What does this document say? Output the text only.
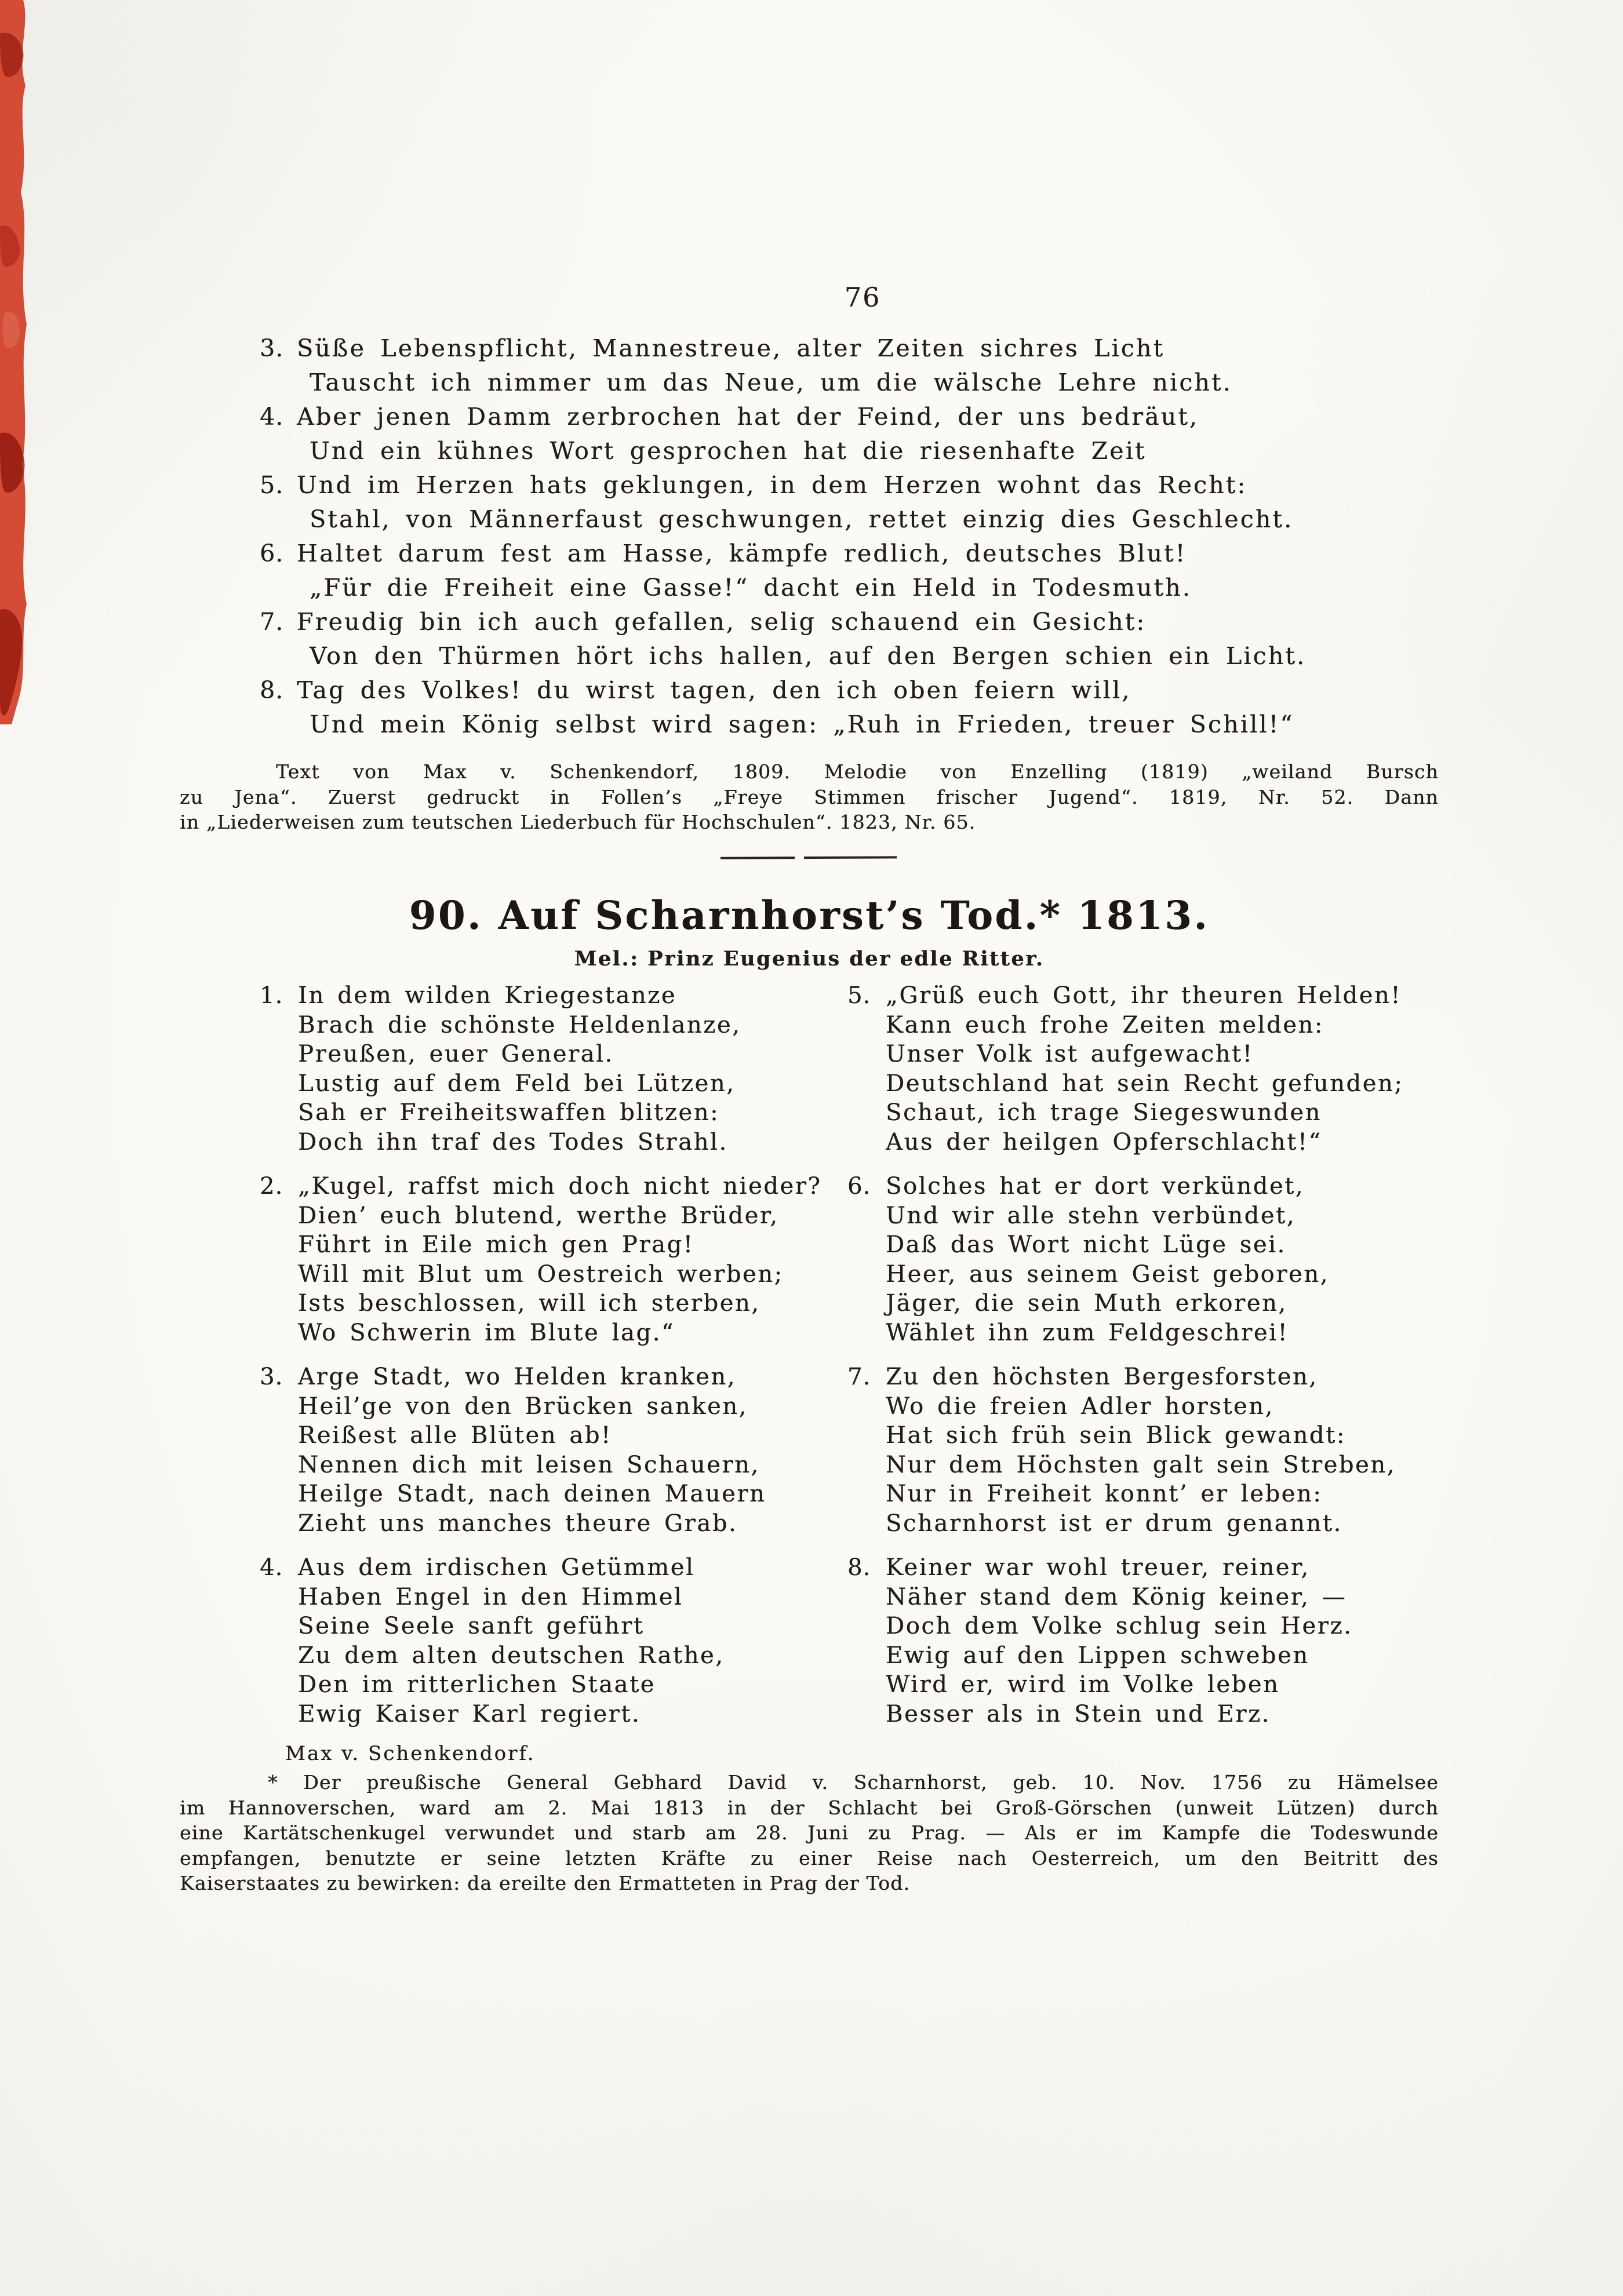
76
3. Süße Lebenspflicht, Mannestreue, alter Zeiten sichres Licht
Tauscht ich nimmer um das Neue, um die wälsche Lehre nicht.
4. Aber jenen Damm zerbrochen hat der Feind, der uns bedräut,
Und ein kühnes Wort gesprochen hat die riesenhafte Zeit
5. Und im Herzen hats geklungen, in dem Herzen wohnt das Recht:
Stahl, von Männerfaust geschwungen, rettet einzig dies Geschlecht.
6. Haltet darum fest am Hasse, kämpfe redlich, deutsches Blut!
„Für die Freiheit eine Gasse!“ dacht ein Held in Todesmuth.
7. Freudig bin ich auch gefallen, selig schauend ein Gesicht:
Von den Thürmen hört ichs hallen, auf den Bergen schien ein Licht.
8. Tag des Volkes! du wirst tagen, den ich oben feiern will,
Und mein König selbst wird sagen: „Ruh in Frieden, treuer Schill!“
Text von Max v. Schenkendorf, 1809. Melodie von Enzelling (1819) „weiland Bursch
zu Jena“. Zuerst gedruckt in Follen’s „Freye Stimmen frischer Jugend“. 1819, Nr. 52. Dann
in „Liederweisen zum teutschen Liederbuch für Hochschulen“. 1823, Nr. 65.
90. Auf Scharnhorst’s Tod.* 1813.
Mel.: Prinz Eugenius der edle Ritter.
1. In dem wilden Kriegestanze
Brach die schönste Heldenlanze,
Preußen, euer General.
Lustig auf dem Feld bei Lützen,
Sah er Freiheitswaffen blitzen:
Doch ihn traf des Todes Strahl.
2. „Kugel, raffst mich doch nicht nieder?
Dien’ euch blutend, werthe Brüder,
Führt in Eile mich gen Prag!
Will mit Blut um Oestreich werben;
Ists beschlossen, will ich sterben,
Wo Schwerin im Blute lag.“
3. Arge Stadt, wo Helden kranken,
Heil’ge von den Brücken sanken,
Reißest alle Blüten ab!
Nennen dich mit leisen Schauern,
Heilge Stadt, nach deinen Mauern
Zieht uns manches theure Grab.
4. Aus dem irdischen Getümmel
Haben Engel in den Himmel
Seine Seele sanft geführt
Zu dem alten deutschen Rathe,
Den im ritterlichen Staate
Ewig Kaiser Karl regiert.
5. „Grüß euch Gott, ihr theuren Helden!
Kann euch frohe Zeiten melden:
Unser Volk ist aufgewacht!
Deutschland hat sein Recht gefunden;
Schaut, ich trage Siegeswunden
Aus der heilgen Opferschlacht!“
6. Solches hat er dort verkündet,
Und wir alle stehn verbündet,
Daß das Wort nicht Lüge sei.
Heer, aus seinem Geist geboren,
Jäger, die sein Muth erkoren,
Wählet ihn zum Feldgeschrei!
7. Zu den höchsten Bergesforsten,
Wo die freien Adler horsten,
Hat sich früh sein Blick gewandt:
Nur dem Höchsten galt sein Streben,
Nur in Freiheit konnt’ er leben:
Scharnhorst ist er drum genannt.
8. Keiner war wohl treuer, reiner,
Näher stand dem König keiner, —
Doch dem Volke schlug sein Herz.
Ewig auf den Lippen schweben
Wird er, wird im Volke leben
Besser als in Stein und Erz.
Max v. Schenkendorf.
* Der preußische General Gebhard David v. Scharnhorst, geb. 10. Nov. 1756 zu Hämelsee
im Hannoverschen, ward am 2. Mai 1813 in der Schlacht bei Groß-Görschen (unweit Lützen) durch
eine Kartätschenkugel verwundet und starb am 28. Juni zu Prag. — Als er im Kampfe die Todeswunde
empfangen, benutzte er seine letzten Kräfte zu einer Reise nach Oesterreich, um den Beitritt des
Kaiserstaates zu bewirken: da ereilte den Ermatteten in Prag der Tod.
